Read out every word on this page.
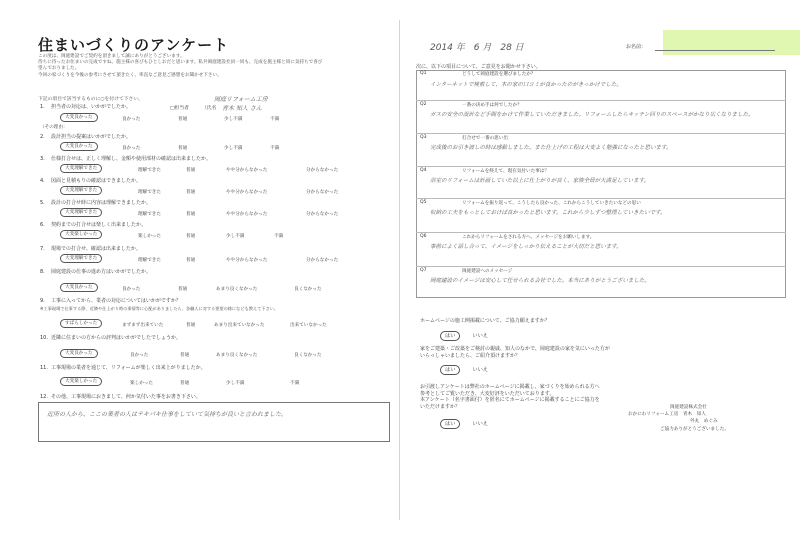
住まいづくりのアンケート
この度は、岡庭建設でご契約を頂きまして誠にありがとうございます。
待ちに待ったお住まいの完成ですね。施主様の喜びもひとしおだと思います。私共岡庭建設社員一同も、完成を施主様と同に気持ちで喜び
望んでおりました。
今回の家づくりを今後の参考にさせて頂きたく、率直なご意見ご感想をお聞かせ下さい。
下記の項目で該当するものに○を付けて下さい。
1. 担当者の対応は、いかがでしたか。	□担当者	（氏名
岡庭リフォーム工房
青木 知人 さん
大変良かった	良かった	普通	少し不満	不満
（その理由：
2. 設計担当の提案はいかがでしたか。
大変良かった	良かった	普通	少し不満	不満
3. 仕様打合せは、正しく理解し、金額や使用部材の確認は出来ましたか。
大変理解できた	理解できた	普通	やや分からなかった	分からなかった
4. 図面と見積もりの確認はできましたか。
大変理解できた	理解できた	普通	やや分からなかった	分からなかった
5. 設計の打合せ時に内容は理解できましたか。
大変理解できた	理解できた	普通	やや分からなかった	分からなかった
6. 契約までの打合せは楽しく出来ましたか。
大変楽しかった	楽しかった	普通	少し不満	不満
7. 現場での打合せ、確認は出来ましたか。
大変理解できた	理解できた	普通	やや分からなかった	分からなかった
8. 岡庭建設の仕事の進め方はいかがでしたか。
大変良かった	良かった	普通	あまり良くなかった	良くなかった
9. 工事に入ってから、業者の対応についてはいかがですか？
※工事現場で仕事する際、近隣や仕上がり時の事情等に心配がありましたら、各職人に対する要望の様になども教えて下さい。
すばらしかった	まずまず出来ていた	普通	あまり出来ていなかった	出来ていなかった
10. 近隣に住まいの方からの評判はいかがでしたでしょうか。
大変良かった	良かった	普通	あまり良くなかった	良くなかった
11. 工事現場の業者を通じて、リフォームが楽しく出来上がりましたか。
大変楽しかった	楽しかった	普通	少し不満	不満
12. その他、工事現場におきまして、何か気付いた事をお書き下さい。
近所の人から、ここの業者の人はテキパキ仕事をしていて気持ちが良いと言われました。
2014 年　6 月　28 日	お名前：
次に、以下の項目について、ご意見をお聞かせ下さい。
Q1	どうして岡庭建設を選びましたか？
インターネットで検索して、木の家の口コミが良かったのがきっかけでした。
Q2	一番の決め手は何でしたか？
ガスの安全の設計など手間をかけて作業していただきました。リフォームしたらキッチン回りのスペースがかなり広くなりました。
Q3	打合せで一番の思い出
完成後のお引き渡しの時は感動しました。また仕上げの工程は大変よく勉強になったと思います。
Q4	リフォームを終えて、現在気付いた事は？
浴室のリフォームは計画していた以上に仕上がりが良く、家族全員が大満足しています。
Q5	リフォームを振り返って、こうしたら良かった、これからこうしていきたいなどの思い
収納の工夫をもっとしておけば良かったと思います。これから少しずつ整理していきたいです。
Q6	これからリフォームをされる方へ、メッセージをお願いします。
事前によく話し合って、イメージをしっかり伝えることが大切だと思います。
Q7	岡庭建設へのメッセージ
岡庭建設のイメージは安心して任せられる会社でした。本当にありがとうございました。
ホームページの施工例掲載について、ご協力願えますか？
はい	いいえ
家をご建築・ご改築をご検討の親戚、知人のなかで、岡庭建設の家を気にいった方が
いらっしゃいましたら、ご紹介頂けますか？
はい	いいえ
お引渡しアンケートは弊社のホームページに掲載し、家づくりを始められる方へ
参考としてご覧いただき、大変好評をいただいております。
本アンケート（名字書面付）を匿名にてホームページに掲載することにご協力を
いただけますか？
はい	いいえ
岡庭建設株式会社
おかにわリフォーム工房　青木　知人
外丸　めぐみ
ご協力ありがとうございました。
